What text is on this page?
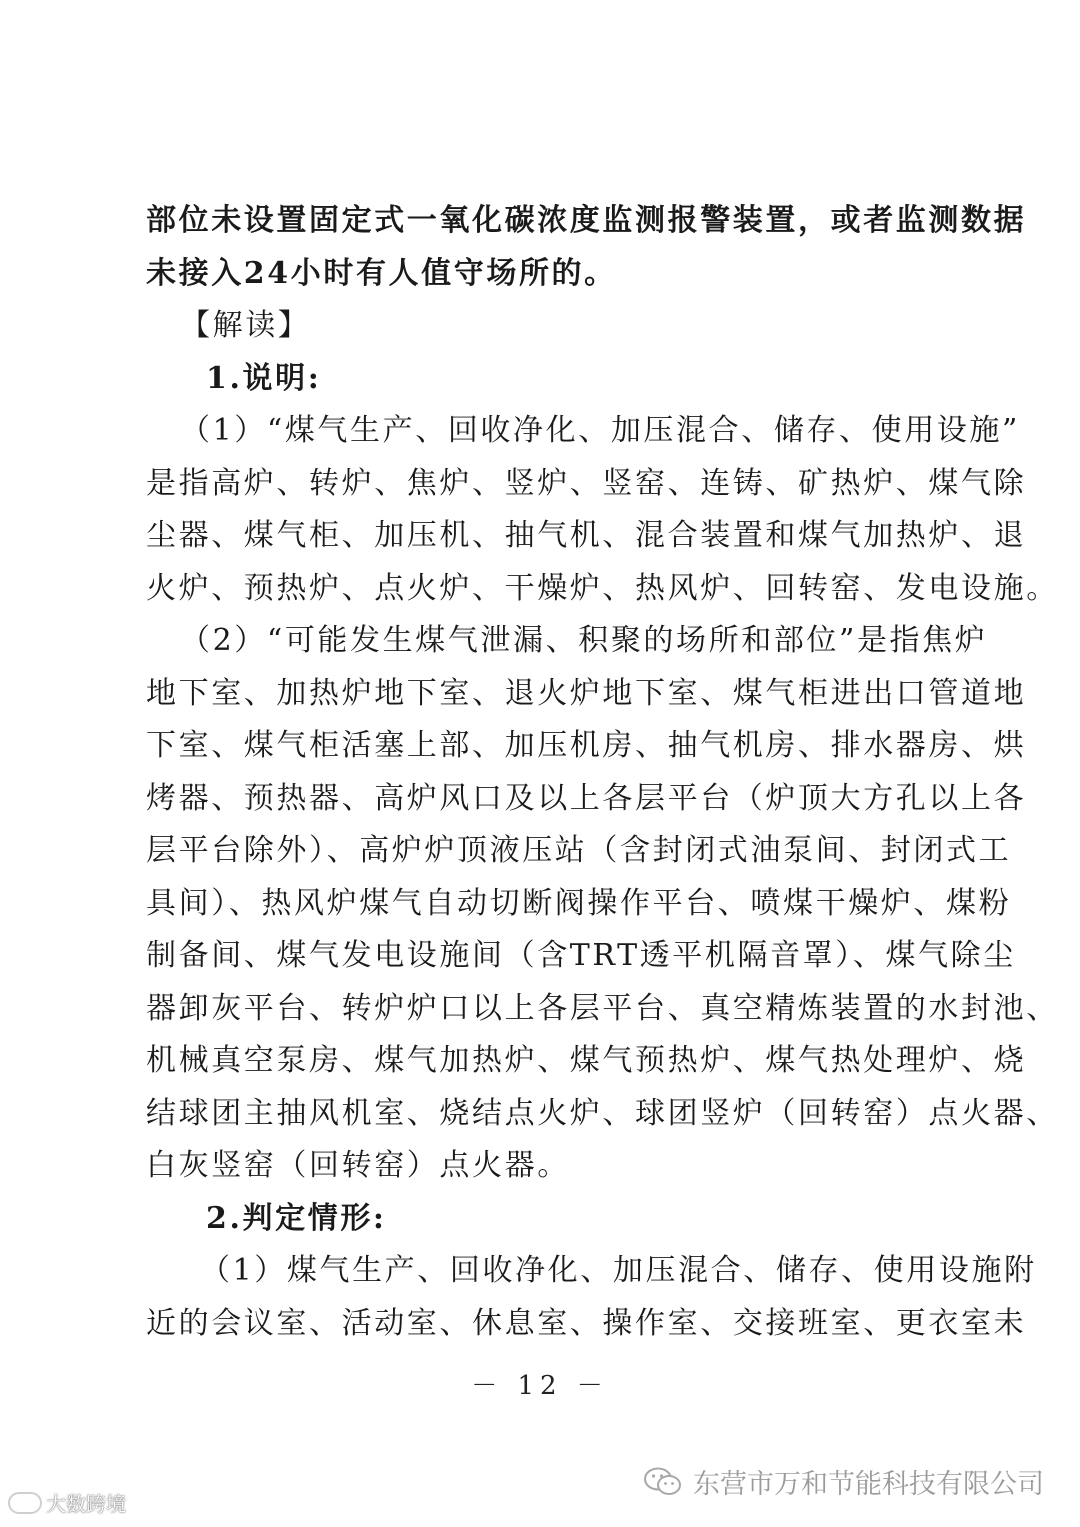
部位未设置固定式一氧化碳浓度监测报警装置，或者监测数据
未接入24小时有人值守场所的。
【解读】
1.说明:
（1）“煤气生产、回收净化、加压混合、储存、使用设施”
是指高炉、转炉、焦炉、竖炉、竖窑、连铸、矿热炉、煤气除
尘器、煤气柜、加压机、抽气机、混合装置和煤气加热炉、退
火炉、预热炉、点火炉、干燥炉、热风炉、回转窑、发电设施。
（2）“可能发生煤气泄漏、积聚的场所和部位”是指焦炉
地下室、加热炉地下室、退火炉地下室、煤气柜进出口管道地
下室、煤气柜活塞上部、加压机房、抽气机房、排水器房、烘
烤器、预热器、高炉风口及以上各层平台（炉顶大方孔以上各
层平台除外）、高炉炉顶液压站（含封闭式油泵间、封闭式工
具间）、热风炉煤气自动切断阀操作平台、喷煤干燥炉、煤粉
制备间、煤气发电设施间（含TRT透平机隔音罩）、煤气除尘
器卸灰平台、转炉炉口以上各层平台、真空精炼装置的水封池、
机械真空泵房、煤气加热炉、煤气预热炉、煤气热处理炉、烧
结球团主抽风机室、烧结点火炉、球团竖炉（回转窑）点火器、
白灰竖窑（回转窑）点火器。
2.判定情形:
（1）煤气生产、回收净化、加压混合、储存、使用设施附
近的会议室、活动室、休息室、操作室、交接班室、更衣室未
－ 12 －
大数跨境
东营市万和节能科技有限公司
